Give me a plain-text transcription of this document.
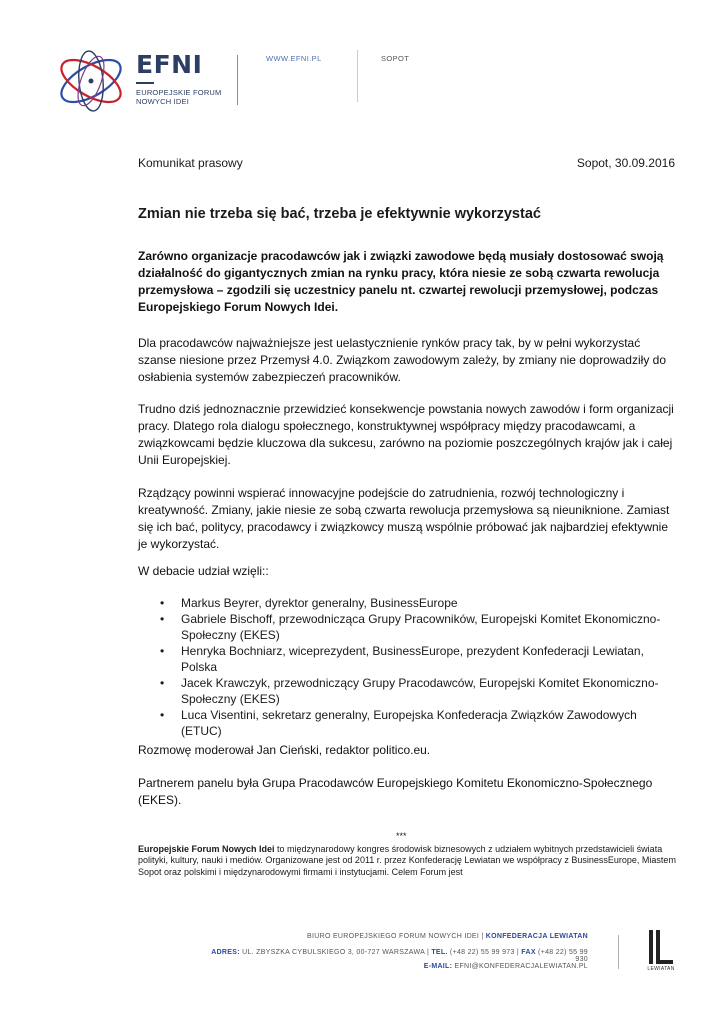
EFNI
EUROPEJSKIE FORUM
NOWYCH IDEI
WWW.EFNI.PL	SOPOT
Komunikat prasowy	Sopot, 30.09.2016
Zmian nie trzeba się bać, trzeba je efektywnie wykorzystać
Zarówno organizacje pracodawców jak i związki zawodowe będą musiały dostosować swoją działalność do gigantycznych zmian na rynku pracy, która niesie ze sobą czwarta rewolucja przemysłowa – zgodzili się uczestnicy panelu nt. czwartej rewolucji przemysłowej, podczas Europejskiego Forum Nowych Idei.
Dla pracodawców najważniejsze jest uelastycznienie rynków pracy tak, by w pełni wykorzystać szanse niesione przez Przemysł 4.0. Związkom zawodowym zależy, by zmiany nie doprowadziły do osłabienia systemów zabezpieczeń pracowników.
Trudno dziś jednoznacznie przewidzieć konsekwencje powstania nowych zawodów i form organizacji pracy. Dlatego rola dialogu społecznego, konstruktywnej współpracy między pracodawcami, a związkowcami będzie kluczowa dla sukcesu, zarówno na poziomie poszczególnych krajów jak i całej Unii Europejskiej.
Rządzący powinni wspierać innowacyjne podejście do zatrudnienia, rozwój technologiczny i kreatywność. Zmiany, jakie niesie ze sobą czwarta rewolucja przemysłowa są nieuniknione. Zamiast się ich bać, politycy, pracodawcy i związkowcy muszą wspólnie próbować jak najbardziej efektywnie je wykorzystać.
W debacie udział wzięli::
• Markus Beyrer, dyrektor generalny, BusinessEurope
• Gabriele Bischoff, przewodnicząca Grupy Pracowników, Europejski Komitet Ekonomiczno-Społeczny (EKES)
• Henryka Bochniarz, wiceprezydent, BusinessEurope, prezydent Konfederacji Lewiatan, Polska
• Jacek Krawczyk, przewodniczący Grupy Pracodawców, Europejski Komitet Ekonomiczno-Społeczny (EKES)
• Luca Visentini, sekretarz generalny, Europejska Konfederacja Związków Zawodowych (ETUC)
Rozmowę moderował Jan Cieński, redaktor politico.eu.
Partnerem panelu była Grupa Pracodawców Europejskiego Komitetu Ekonomiczno-Społecznego (EKES).
***
Europejskie Forum Nowych Idei to międzynarodowy kongres środowisk biznesowych z udziałem wybitnych przedstawicieli świata polityki, kultury, nauki i mediów. Organizowane jest od 2011 r. przez Konfederację Lewiatan we współpracy z BusinessEurope, Miastem Sopot oraz polskimi i międzynarodowymi firmami i instytucjami. Celem Forum jest
BIURO EUROPEJSKIEGO FORUM NOWYCH IDEI | KONFEDERACJA LEWIATAN
ADRES: UL. ZBYSZKA CYBULSKIEGO 3, 00-727 WARSZAWA | TEL. (+48 22) 55 99 973 | FAX (+48 22) 55 99 930
E-MAIL: EFNI@KONFEDERACJALEWIATAN.PL	LEWIATAN
